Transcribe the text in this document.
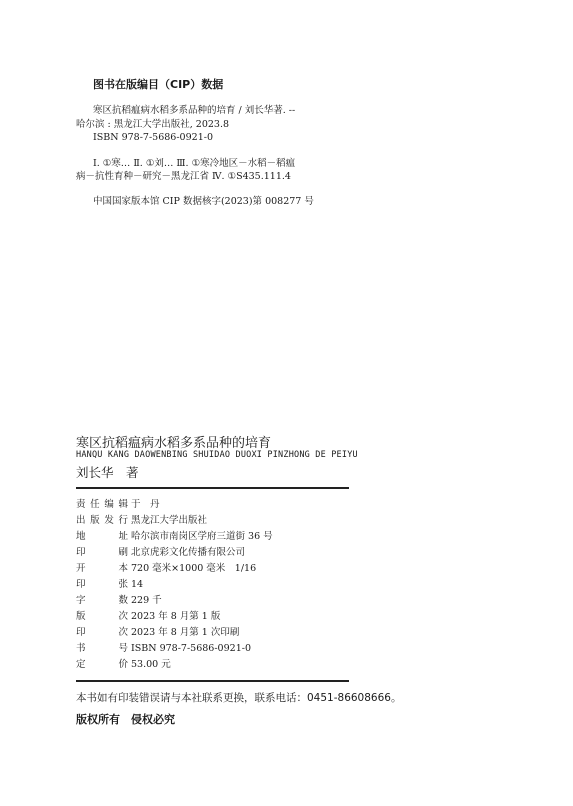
图书在版编目（CIP）数据
寒区抗稻瘟病水稻多系品种的培育 / 刘长华著. --
哈尔滨 : 黑龙江大学出版社, 2023.8
ISBN 978-7-5686-0921-0
Ⅰ. ①寒… Ⅱ. ①刘… Ⅲ. ①寒冷地区－水稻－稻瘟
病－抗性育种－研究－黑龙江省 Ⅳ. ①S435.111.4
中国国家版本馆 CIP 数据核字(2023)第 008277 号
寒区抗稻瘟病水稻多系品种的培育
HANQU KANG DAOWENBING SHUIDAO DUOXI PINZHONG DE PEIYU
刘长华　著
责任编辑 于　丹
出版发行 黑龙江大学出版社
地址 哈尔滨市南岗区学府三道街 36 号
印刷 北京虎彩文化传播有限公司
开本 720 毫米×1000 毫米　1/16
印张 14
字数 229 千
版次 2023 年 8 月第 1 版
印次 2023 年 8 月第 1 次印刷
书号 ISBN 978-7-5686-0921-0
定价 53.00 元
本书如有印装错误请与本社联系更换，联系电话：0451-86608666。
版权所有　侵权必究
